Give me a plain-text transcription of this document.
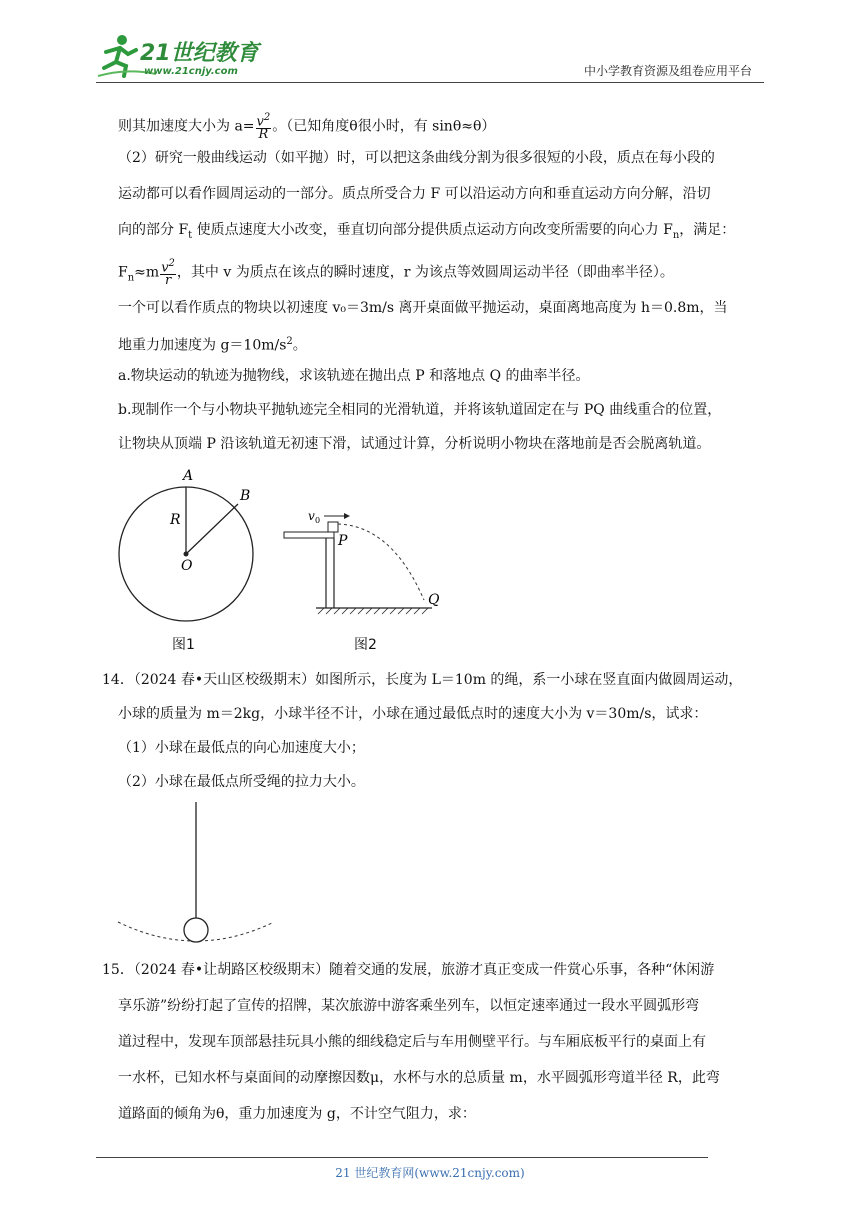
21世纪教育
www.21cnjy.com	中小学教育资源及组卷应用平台
则其加速度大小为 $a= \frac{v^2}{R}$ 。（已知角度θ很小时，有 sinθ≈θ）
（2）研究一般曲线运动（如平抛）时，可以把这条曲线分割为很多很短的小段，质点在每小段的
运动都可以看作圆周运动的一部分。质点所受合力 F 可以沿运动方向和垂直运动方向分解，沿切
向的部分 $F_t$ 使质点速度大小改变，垂直切向部分提供质点运动方向改变所需要的向心力 $F_n$，满足：
$F_n\approx m \frac{v^2}{r}$ ，其中 v 为质点在该点的瞬时速度，r 为该点等效圆周运动半径（即曲率半径）。
一个可以看作质点的物块以初速度 v₀＝3m/s 离开桌面做平抛运动，桌面离地高度为 h＝0.8m，当
地重力加速度为 $g=10m/s^2$。
a.物块运动的轨迹为抛物线，求该轨迹在抛出点 P 和落地点 Q 的曲率半径。
b.现制作一个与小物块平抛轨迹完全相同的光滑轨道，并将该轨道固定在与 PQ 曲线重合的位置，
让物块从顶端 P 沿该轨道无初速下滑，试通过计算，分析说明小物块在落地前是否会脱离轨道。
A
B
R
O
图1
v 0
P
Q
图2
14．（2024 春•天山区校级期末）如图所示，长度为 L＝10m 的绳，系一小球在竖直面内做圆周运动，
小球的质量为 m＝2kg，小球半径不计，小球在通过最低点时的速度大小为 v＝30m/s，试求：
（1）小球在最低点的向心加速度大小；
（2）小球在最低点所受绳的拉力大小。
15．（2024 春•让胡路区校级期末）随着交通的发展，旅游才真正变成一件赏心乐事，各种“休闲游
享乐游”纷纷打起了宣传的招牌，某次旅游中游客乘坐列车，以恒定速率通过一段水平圆弧形弯
道过程中，发现车顶部悬挂玩具小熊的细线稳定后与车用侧壁平行。与车厢底板平行的桌面上有
一水杯，已知水杯与桌面间的动摩擦因数μ，水杯与水的总质量 m，水平圆弧形弯道半径 R，此弯
道路面的倾角为θ，重力加速度为 g，不计空气阻力，求：
21 世纪教育网(www.21cnjy.com)
